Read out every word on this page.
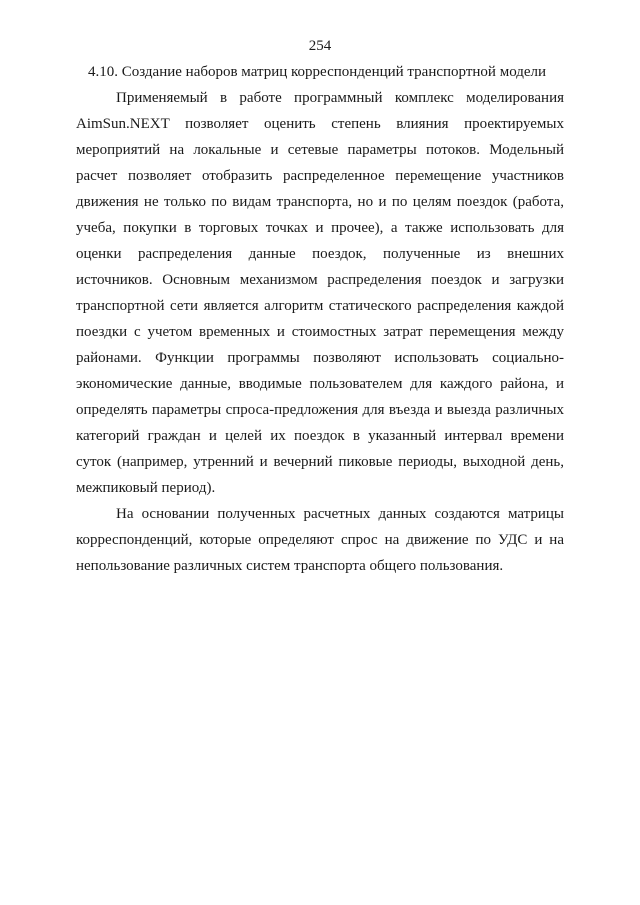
254
4.10. Создание наборов матриц корреспонденций транспортной модели
Применяемый в работе программный комплекс моделирования
AimSun.NEXT позволяет оценить степень влияния проектируемых
мероприятий на локальные и сетевые параметры потоков. Модельный
расчет позволяет отобразить распределенное перемещение участников
движения не только по видам транспорта, но и по целям поездок (работа,
учеба, покупки в торговых точках и прочее), а также использовать для
оценки распределения данные поездок, полученные из внешних
источников. Основным механизмом распределения поездок и загрузки
транспортной сети является алгоритм статического распределения каждой
поездки с учетом временных и стоимостных затрат перемещения между
районами. Функции программы позволяют использовать социально-
экономические данные, вводимые пользователем для каждого района, и
определять параметры спроса-предложения для въезда и выезда различных
категорий граждан и целей их поездок в указанный интервал времени
суток (например, утренний и вечерний пиковые периоды, выходной день,
межпиковый период).
На основании полученных расчетных данных создаются матрицы
корреспонденций, которые определяют спрос на движение по УДС и на
непользование различных систем транспорта общего пользования.
